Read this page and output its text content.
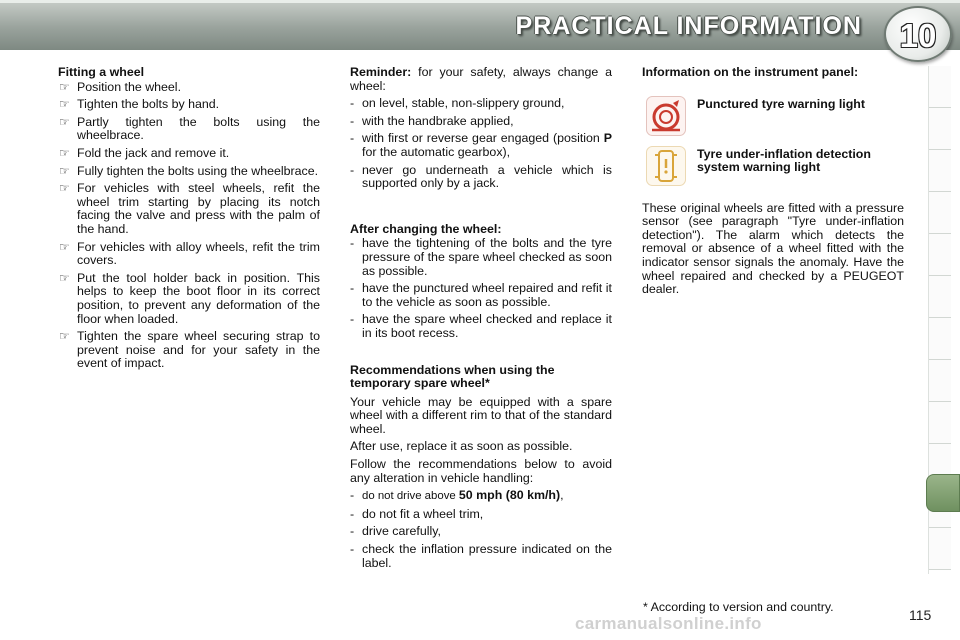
PRACTICAL INFORMATION	10
Fitting a wheel
☞ Position the wheel.
☞ Tighten the bolts by hand.
☞ Partly tighten the bolts using the wheelbrace.
☞ Fold the jack and remove it.
☞ Fully tighten the bolts using the wheelbrace.
☞ For vehicles with steel wheels, refit the wheel trim starting by placing its notch facing the valve and press with the palm of the hand.
☞ For vehicles with alloy wheels, refit the trim covers.
☞ Put the tool holder back in position. This helps to keep the boot floor in its correct position, to prevent any deformation of the floor when loaded.
☞ Tighten the spare wheel securing strap to prevent noise and for your safety in the event of impact.
Reminder: for your safety, always change a wheel:
- on level, stable, non-slippery ground,
- with the handbrake applied,
- with first or reverse gear engaged (position P for the automatic gearbox),
- never go underneath a vehicle which is supported only by a jack.
After changing the wheel:
- have the tightening of the bolts and the tyre pressure of the spare wheel checked as soon as possible.
- have the punctured wheel repaired and refit it to the vehicle as soon as possible.
- have the spare wheel checked and replace it in its boot recess.
Recommendations when using the temporary spare wheel*
Your vehicle may be equipped with a spare wheel with a different rim to that of the standard wheel.
After use, replace it as soon as possible.
Follow the recommendations below to avoid any alteration in vehicle handling:
- do not drive above 50 mph (80 km/h),
- do not fit a wheel trim,
- drive carefully,
- check the inflation pressure indicated on the label.
Information on the instrument panel:
Punctured tyre warning light
Tyre under-inflation detection system warning light
These original wheels are fitted with a pressure sensor (see paragraph "Tyre under-inflation detection"). The alarm which detects the removal or absence of a wheel fitted with the indicator sensor signals the anomaly. Have the wheel repaired and checked by a PEUGEOT dealer.
* According to version and country.
carmanualsonline.info	115
